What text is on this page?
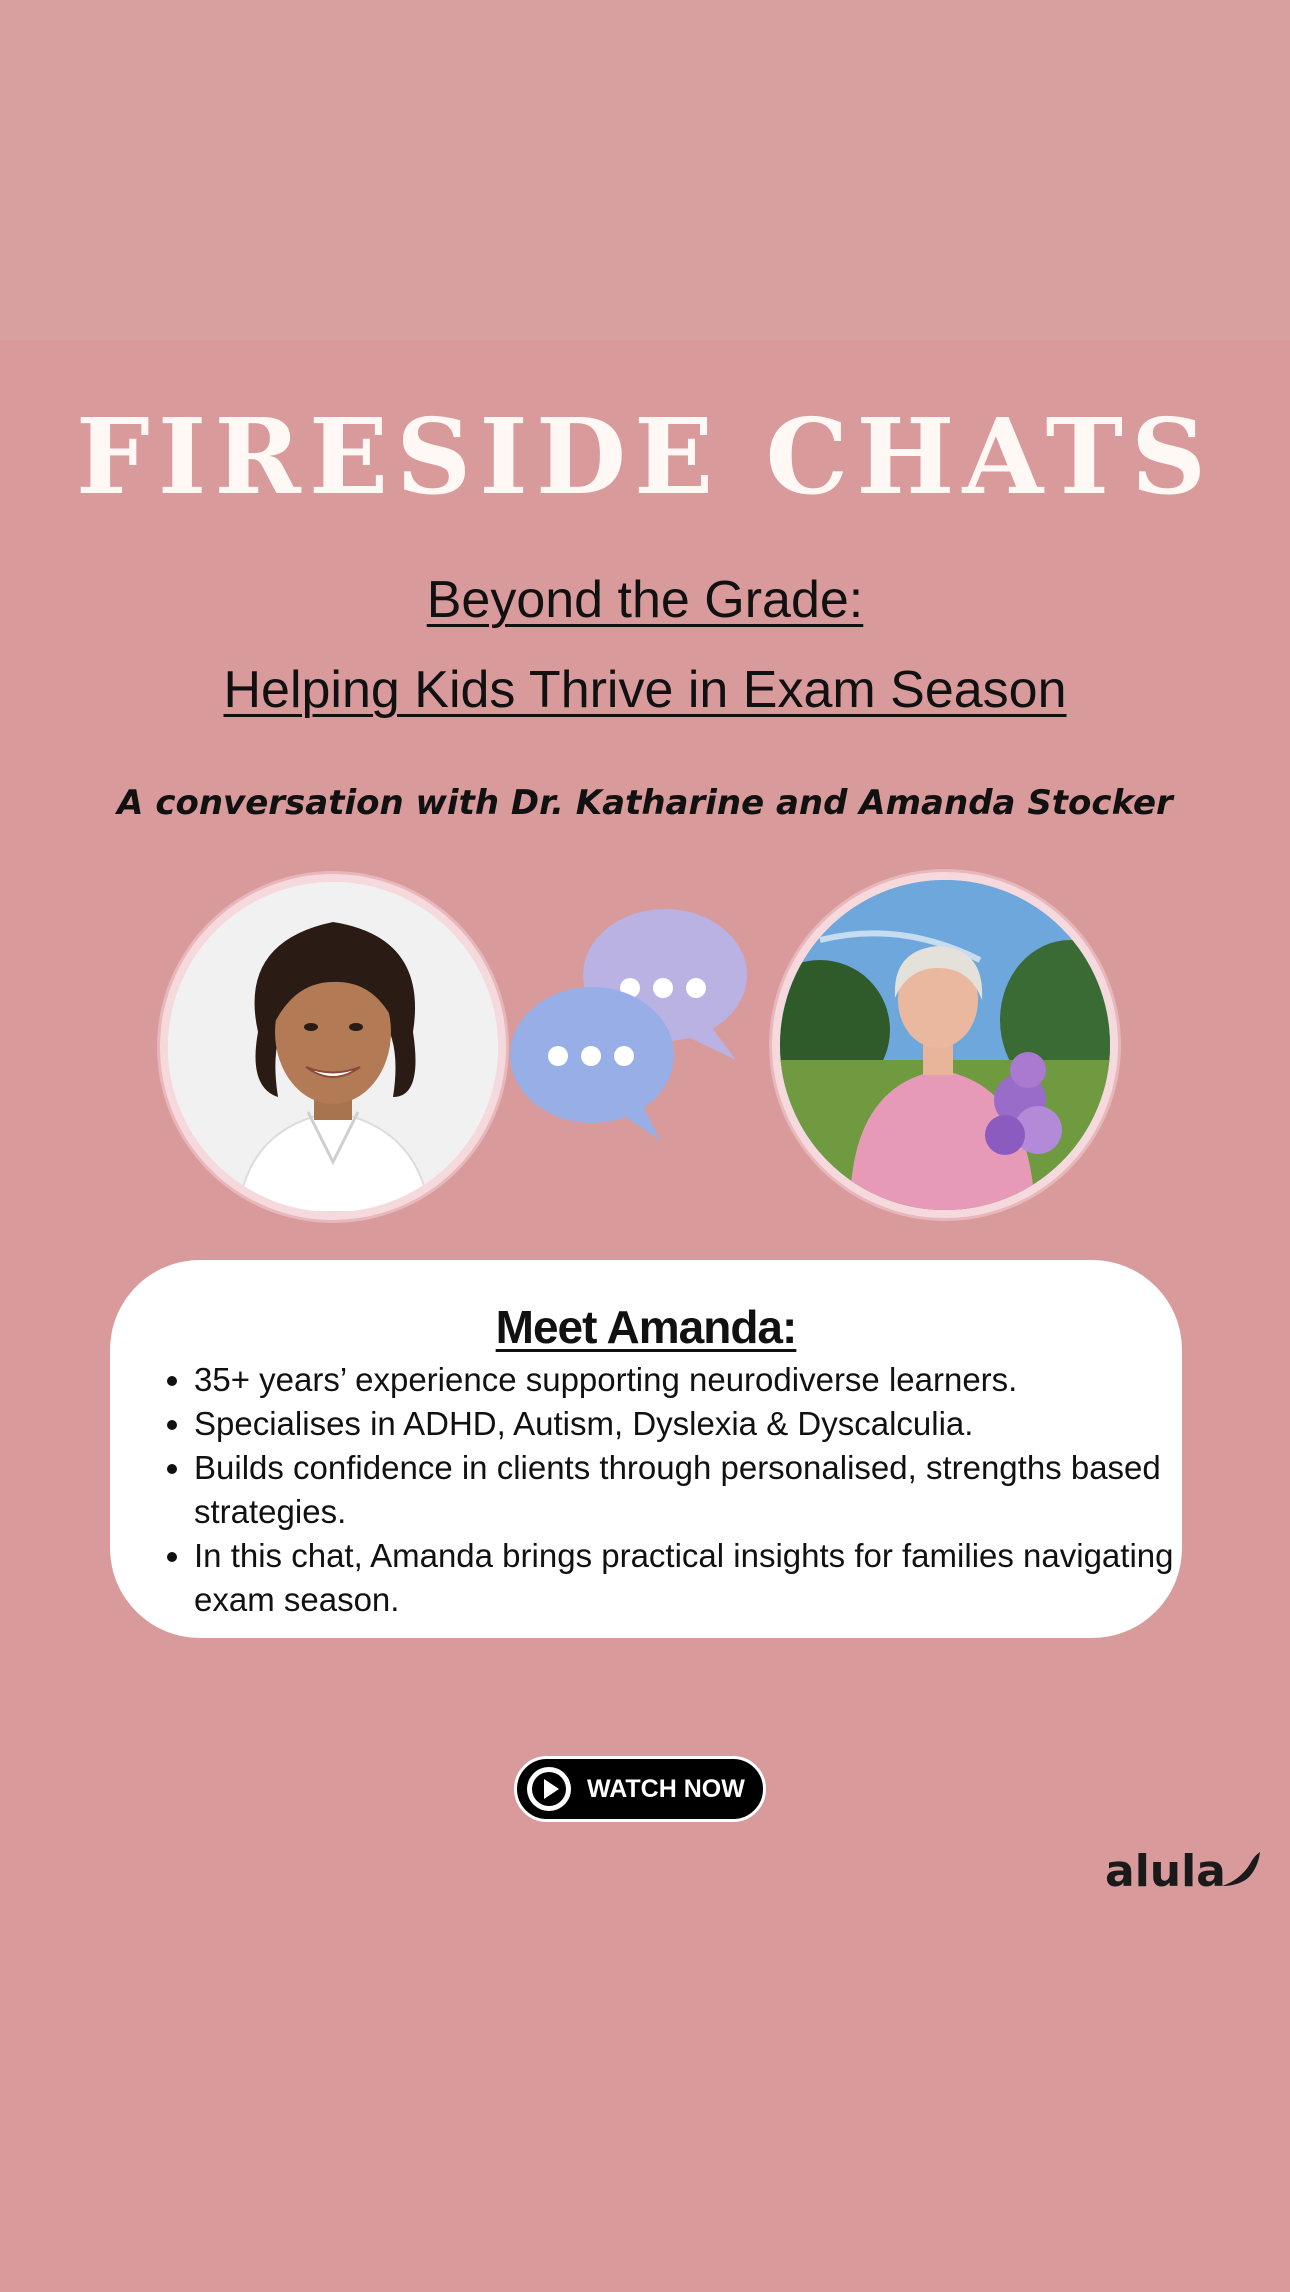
FIRESIDE CHATS

Beyond the Grade:

Helping Kids Thrive in Exam Season

A conversation with Dr. Katharine and Amanda Stocker

Meet Amanda:
• 35+ years’ experience supporting neurodiverse learners.
• Specialises in ADHD, Autism, Dyslexia & Dyscalculia.
• Builds confidence in clients through personalised, strengths based strategies.
• In this chat, Amanda brings practical insights for families navigating exam season.
WATCH NOW
alula
